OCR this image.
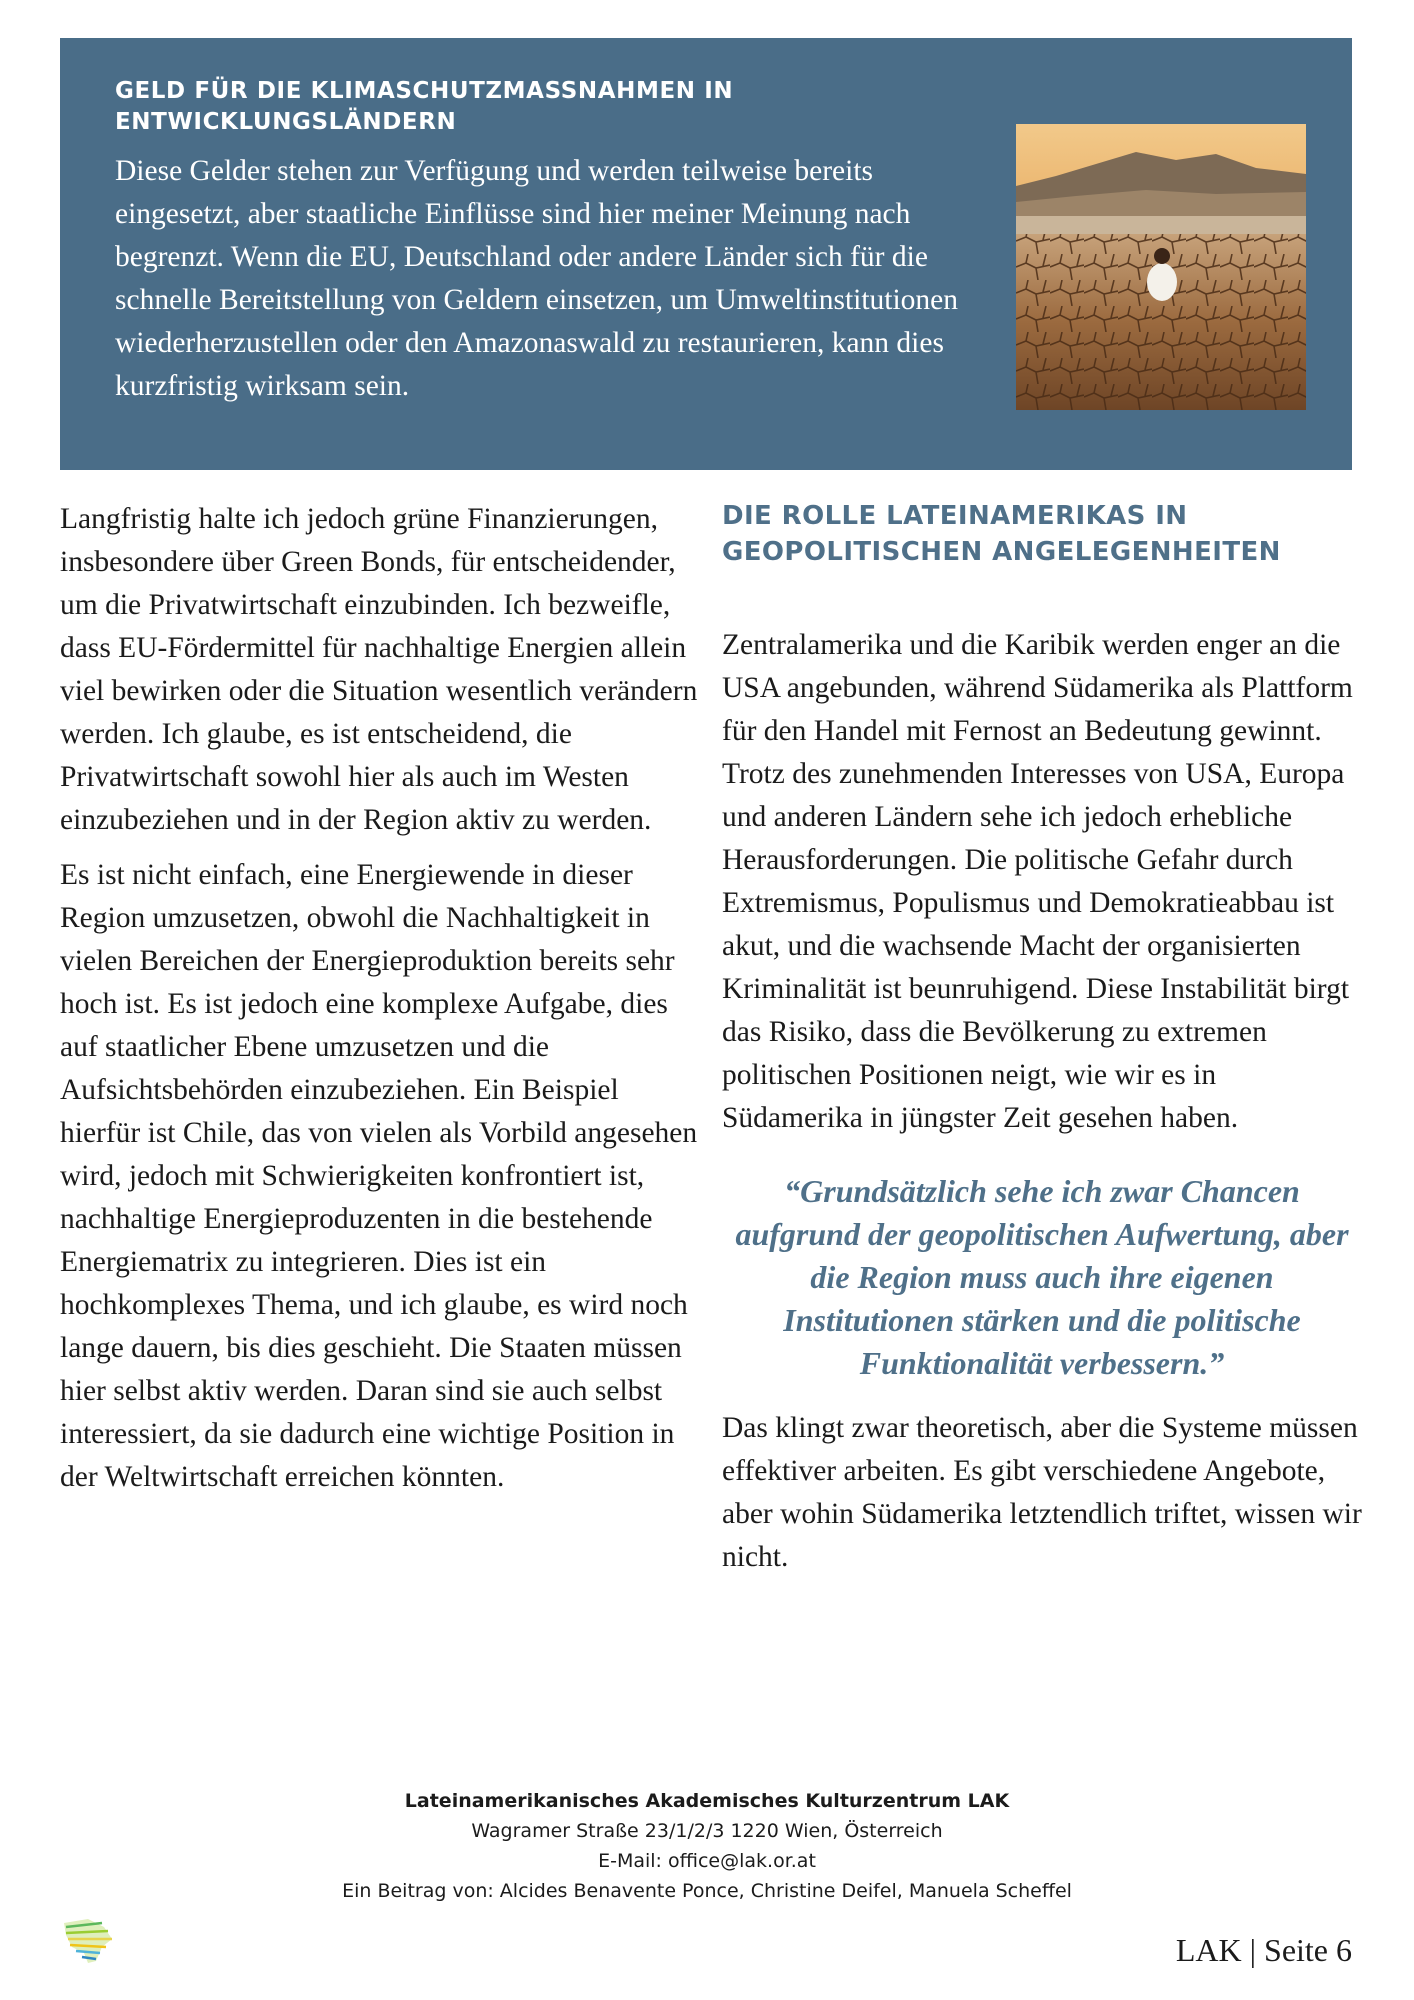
GELD FÜR DIE KLIMASCHUTZMASSNAHMEN IN ENTWICKLUNGSLÄNDERN
Diese Gelder stehen zur Verfügung und werden teilweise bereits eingesetzt, aber staatliche Einflüsse sind hier meiner Meinung nach begrenzt. Wenn die EU, Deutschland oder andere Länder sich für die schnelle Bereitstellung von Geldern einsetzen, um Umweltinstitutionen wiederherzustellen oder den Amazonaswald zu restaurieren, kann dies kurzfristig wirksam sein.

Langfristig halte ich jedoch grüne Finanzierungen, insbesondere über Green Bonds, für entscheidender, um die Privatwirtschaft einzubinden. Ich bezweifle, dass EU-Fördermittel für nachhaltige Energien allein viel bewirken oder die Situation wesentlich verändern werden. Ich glaube, es ist entscheidend, die Privatwirtschaft sowohl hier als auch im Westen einzubeziehen und in der Region aktiv zu werden.

Es ist nicht einfach, eine Energiewende in dieser Region umzusetzen, obwohl die Nachhaltigkeit in vielen Bereichen der Energieproduktion bereits sehr hoch ist. Es ist jedoch eine komplexe Aufgabe, dies auf staatlicher Ebene umzusetzen und die Aufsichtsbehörden einzubeziehen. Ein Beispiel hierfür ist Chile, das von vielen als Vorbild angesehen wird, jedoch mit Schwierigkeiten konfrontiert ist, nachhaltige Energieproduzenten in die bestehende Energiematrix zu integrieren. Dies ist ein hochkomplexes Thema, und ich glaube, es wird noch lange dauern, bis dies geschieht. Die Staaten müssen hier selbst aktiv werden. Daran sind sie auch selbst interessiert, da sie dadurch eine wichtige Position in der Weltwirtschaft erreichen könnten.

DIE ROLLE LATEINAMERIKAS IN GEOPOLITISCHEN ANGELEGENHEITEN

Zentralamerika und die Karibik werden enger an die USA angebunden, während Südamerika als Plattform für den Handel mit Fernost an Bedeutung gewinnt. Trotz des zunehmenden Interesses von USA, Europa und anderen Ländern sehe ich jedoch erhebliche Herausforderungen. Die politische Gefahr durch Extremismus, Populismus und Demokratieabbau ist akut, und die wachsende Macht der organisierten Kriminalität ist beunruhigend. Diese Instabilität birgt das Risiko, dass die Bevölkerung zu extremen politischen Positionen neigt, wie wir es in Südamerika in jüngster Zeit gesehen haben.

“Grundsätzlich sehe ich zwar Chancen aufgrund der geopolitischen Aufwertung, aber die Region muss auch ihre eigenen Institutionen stärken und die politische Funktionalität verbessern.”

Das klingt zwar theoretisch, aber die Systeme müssen effektiver arbeiten. Es gibt verschiedene Angebote, aber wohin Südamerika letztendlich triftet, wissen wir nicht.

Lateinamerikanisches Akademisches Kulturzentrum LAK
Wagramer Straße 23/1/2/3 1220 Wien, Österreich
E-Mail: office@lak.or.at
Ein Beitrag von: Alcides Benavente Ponce, Christine Deifel, Manuela Scheffel
LAK | Seite 6
